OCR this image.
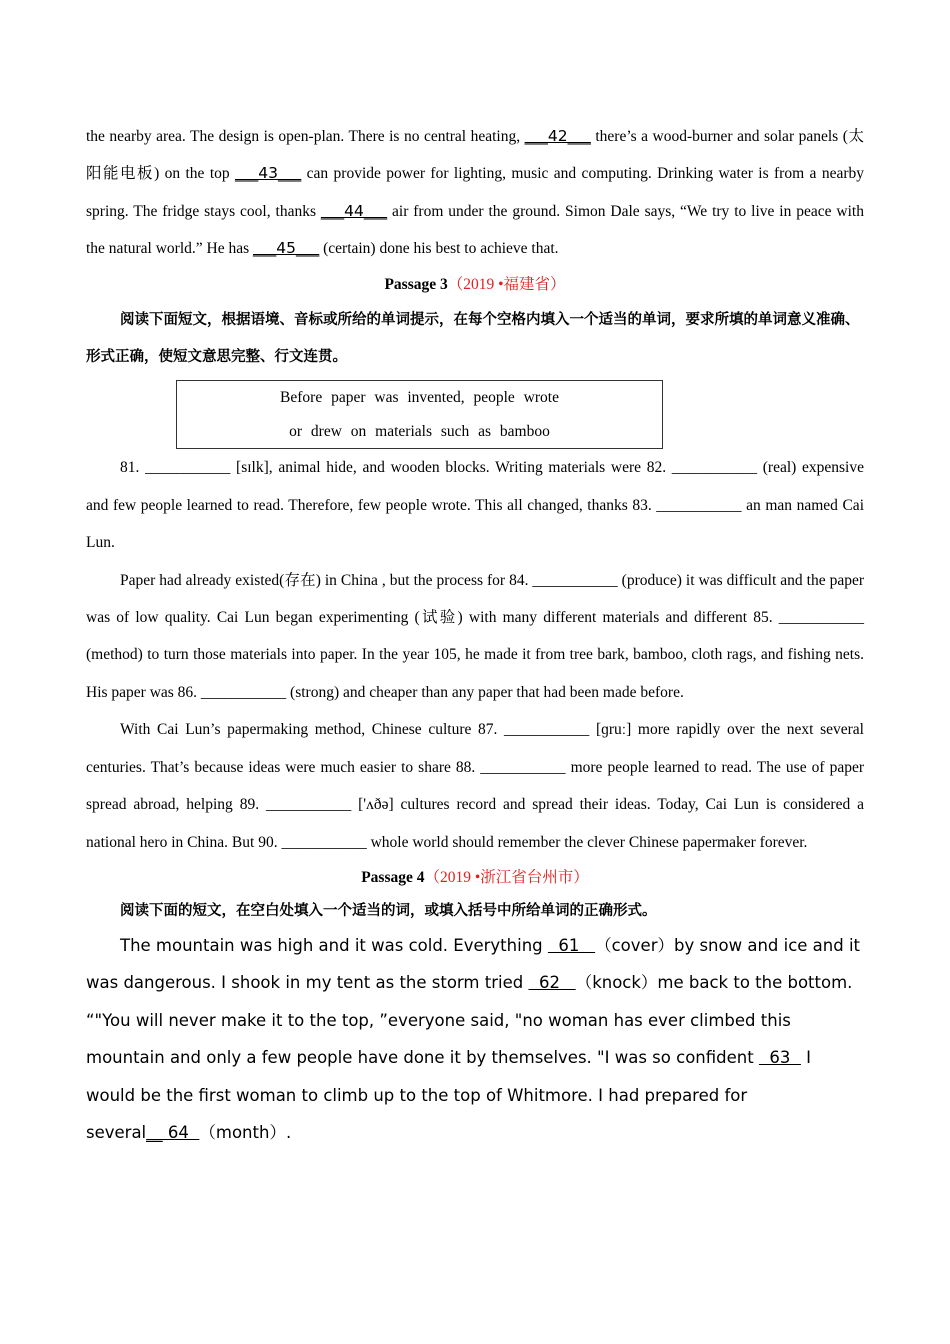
the nearby area. The design is open-plan. There is no central heating, ___42___ there’s a wood-burner and solar panels (太阳能电板) on the top ___43___ can provide power for lighting, music and computing. Drinking water is from a nearby spring. The fridge stays cool, thanks ___44___ air from under the ground. Simon Dale says, “We try to live in peace with the natural world.” He has ___45___ (certain) done his best to achieve that.

Passage 3（2019 •福建省）

阅读下面短文，根据语境、音标或所给的单词提示，在每个空格内填入一个适当的单词，要求所填的单词意义准确、形式正确，使短文意思完整、行文连贯。

Before paper was invented, people wrote
or drew on materials such as bamboo

81. ___________ [sɪlk], animal hide, and wooden blocks. Writing materials were 82. ___________ (real) expensive and few people learned to read. Therefore, few people wrote. This all changed, thanks 83. ___________ an man named Cai Lun.

Paper had already existed(存在) in China , but the process for 84. ___________ (produce) it was difficult and the paper was of low quality. Cai Lun began experimenting (试验) with many different materials and different 85. ___________ (method) to turn those materials into paper. In the year 105, he made it from tree bark, bamboo, cloth rags, and fishing nets. His paper was 86. ___________ (strong) and cheaper than any paper that had been made before.

With Cai Lun’s papermaking method, Chinese culture 87. ___________ [ɡruː] more rapidly over the next several centuries. That’s because ideas were much easier to share 88. ___________ more people learned to read. The use of paper spread abroad, helping 89. ___________ ['ʌðə] cultures record and spread their ideas. Today, Cai Lun is considered a national hero in China. But 90. ___________ whole world should remember the clever Chinese papermaker forever.

Passage 4（2019 •浙江省台州市）

阅读下面的短文，在空白处填入一个适当的词，或填入括号中所给单词的正确形式。

The mountain was high and it was cold. Everything   61   （cover）by snow and ice and it was dangerous. I shook in my tent as the storm tried   62   （knock）me back to the bottom. “"You will never make it to the top, ”everyone said, "no woman has ever climbed this mountain and only a few people have done it by themselves. "I was so confident   63   I would be the first woman to climb up to the top of Whitmore. I had prepared for several__ 64  （month）.
